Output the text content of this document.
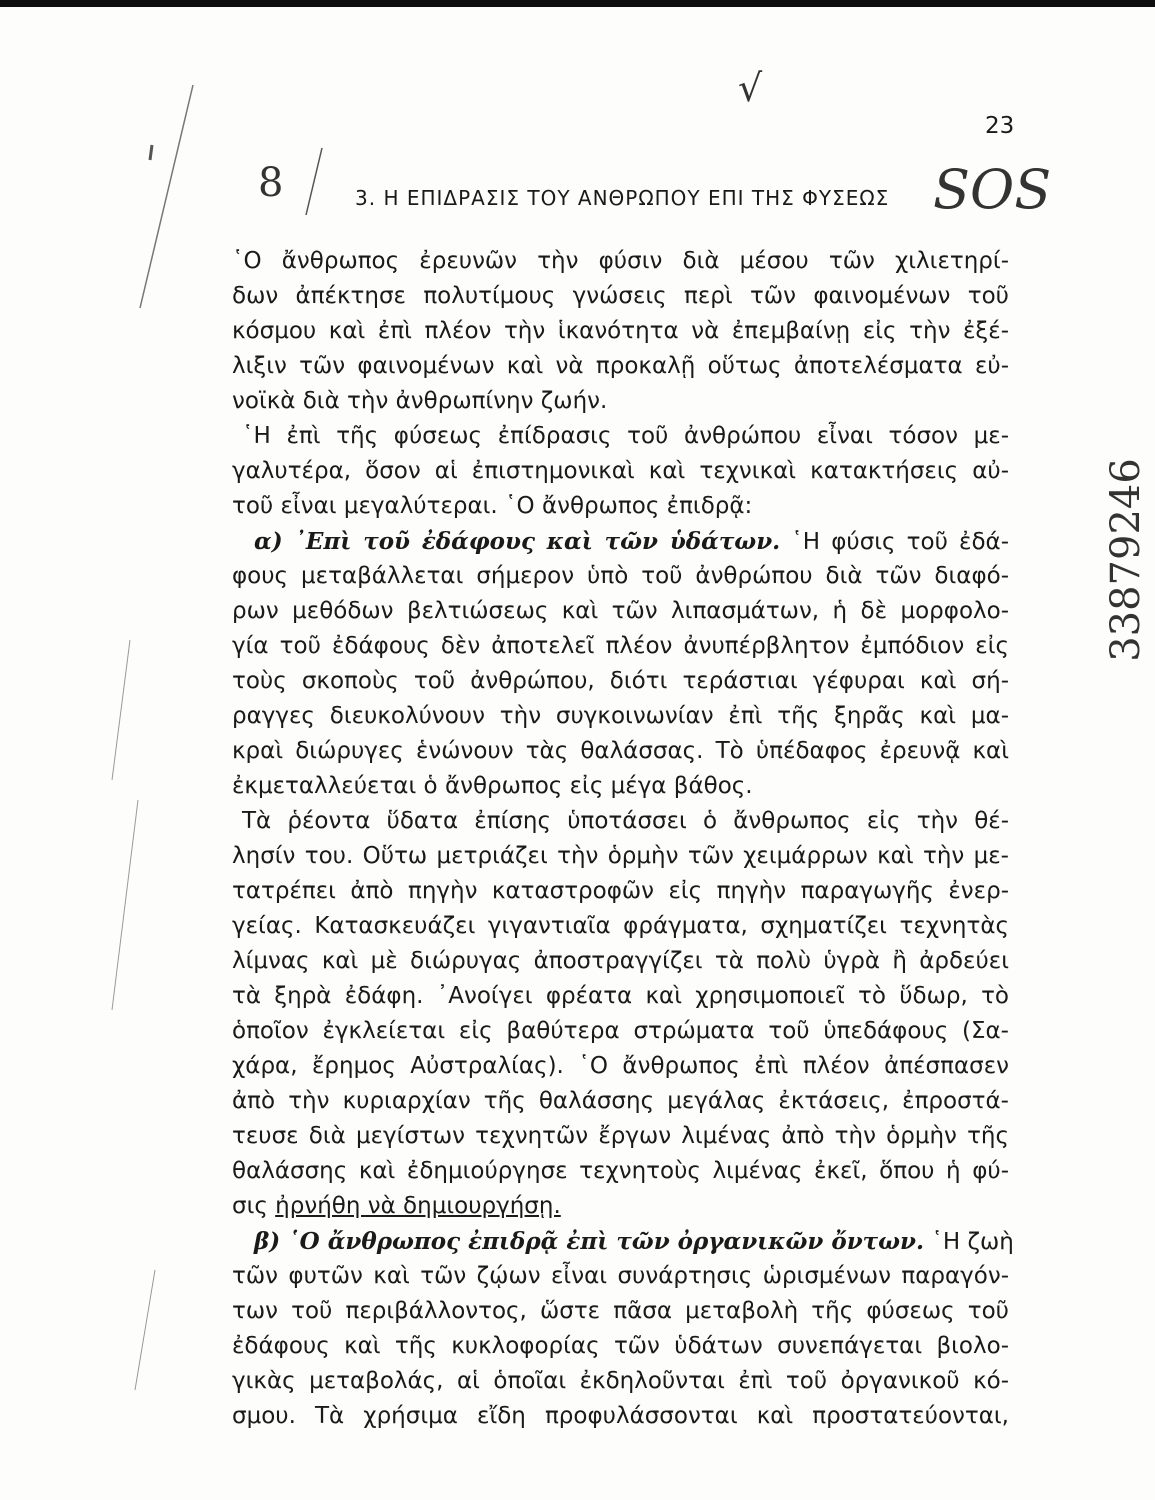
√
8	SOS
33879246
23
3. Η ΕΠΙΔΡΑΣΙΣ ΤΟΥ ΑΝΘΡΩΠΟΥ ΕΠΙ ΤΗΣ ΦΥΣΕΩΣ
῾Ο ἄνθρωπος ἐρευνῶν τὴν φύσιν διὰ μέσου τῶν χιλιετηρί-
δων ἀπέκτησε πολυτίμους γνώσεις περὶ τῶν φαινομένων τοῦ
κόσμου καὶ ἐπὶ πλέον τὴν ἱκανότητα νὰ ἐπεμβαίνῃ εἰς τὴν ἐξέ-
λιξιν τῶν φαινομένων καὶ νὰ προκαλῇ οὕτως ἀποτελέσματα εὐ-
νοϊκὰ διὰ τὴν ἀνθρωπίνην ζωήν.
῾Η ἐπὶ τῆς φύσεως ἐπίδρασις τοῦ ἀνθρώπου εἶναι τόσον με-
γαλυτέρα, ὅσον αἱ ἐπιστημονικαὶ καὶ τεχνικαὶ κατακτήσεις αὐ-
τοῦ εἶναι μεγαλύτεραι. ῾Ο ἄνθρωπος ἐπιδρᾷ:
α) ᾽Επὶ τοῦ ἐδάφους καὶ τῶν ὑδάτων. ῾Η φύσις τοῦ ἐδά-
φους μεταβάλλεται σήμερον ὑπὸ τοῦ ἀνθρώπου διὰ τῶν διαφό-
ρων μεθόδων βελτιώσεως καὶ τῶν λιπασμάτων, ἡ δὲ μορφολο-
γία τοῦ ἐδάφους δὲν ἀποτελεῖ πλέον ἀνυπέρβλητον ἐμπόδιον εἰς
τοὺς σκοποὺς τοῦ ἀνθρώπου, διότι τεράστιαι γέφυραι καὶ σή-
ραγγες διευκολύνουν τὴν συγκοινωνίαν ἐπὶ τῆς ξηρᾶς καὶ μα-
κραὶ διώρυγες ἑνώνουν τὰς θαλάσσας. Τὸ ὑπέδαφος ἐρευνᾷ καὶ
ἐκμεταλλεύεται ὁ ἄνθρωπος εἰς μέγα βάθος.
Τὰ ῥέοντα ὕδατα ἐπίσης ὑποτάσσει ὁ ἄνθρωπος εἰς τὴν θέ-
λησίν του. Οὕτω μετριάζει τὴν ὁρμὴν τῶν χειμάρρων καὶ τὴν με-
τατρέπει ἀπὸ πηγὴν καταστροφῶν εἰς πηγὴν παραγωγῆς ἐνερ-
γείας. Κατασκευάζει γιγαντιαῖα φράγματα, σχηματίζει τεχνητὰς
λίμνας καὶ μὲ διώρυγας ἀποστραγγίζει τὰ πολὺ ὑγρὰ ἢ ἀρδεύει
τὰ ξηρὰ ἐδάφη. ᾽Ανοίγει φρέατα καὶ χρησιμοποιεῖ τὸ ὕδωρ, τὸ
ὁποῖον ἐγκλείεται εἰς βαθύτερα στρώματα τοῦ ὑπεδάφους (Σα-
χάρα, ἔρημος Αὐστραλίας). ῾Ο ἄνθρωπος ἐπὶ πλέον ἀπέσπασεν
ἀπὸ τὴν κυριαρχίαν τῆς θαλάσσης μεγάλας ἐκτάσεις, ἐπροστά-
τευσε διὰ μεγίστων τεχνητῶν ἔργων λιμένας ἀπὸ τὴν ὁρμὴν τῆς
θαλάσσης καὶ ἐδημιούργησε τεχνητοὺς λιμένας ἐκεῖ, ὅπου ἡ φύ-
σις ἠρνήθη νὰ δημιουργήσῃ.
β) ῾Ο ἄνθρωπος ἐπιδρᾷ ἐπὶ τῶν ὀργανικῶν ὄντων. ῾Η ζωὴ
τῶν φυτῶν καὶ τῶν ζῴων εἶναι συνάρτησις ὡρισμένων παραγόν-
των τοῦ περιβάλλοντος, ὥστε πᾶσα μεταβολὴ τῆς φύσεως τοῦ
ἐδάφους καὶ τῆς κυκλοφορίας τῶν ὑδάτων συνεπάγεται βιολο-
γικὰς μεταβολάς, αἱ ὁποῖαι ἐκδηλοῦνται ἐπὶ τοῦ ὀργανικοῦ κό-
σμου. Τὰ χρήσιμα εἴδη προφυλάσσονται καὶ προστατεύονται,
